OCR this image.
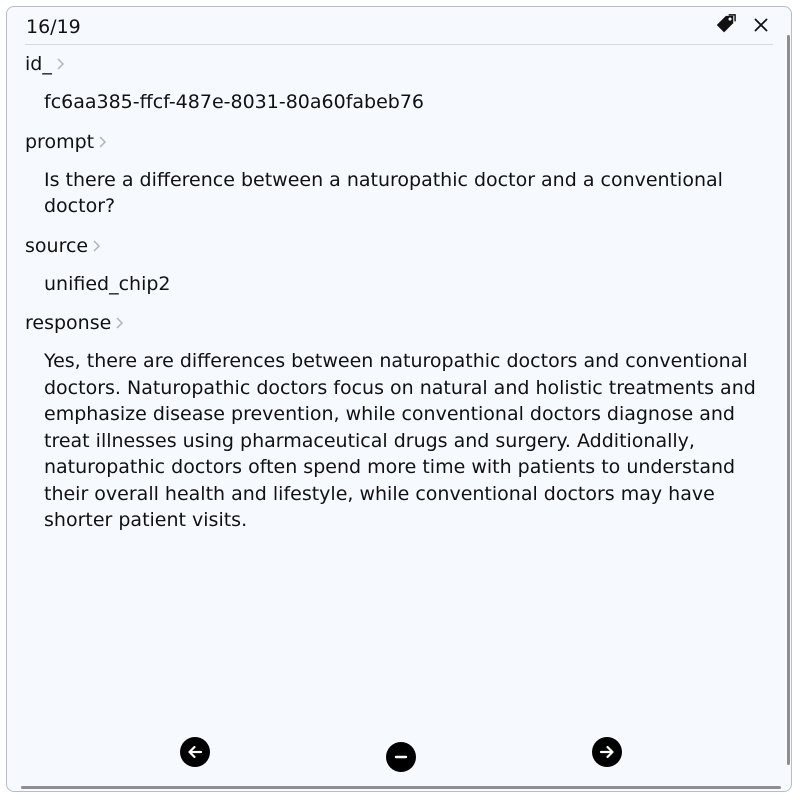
16/19
id_
fc6aa385-ffcf-487e-8031-80a60fabeb76
prompt
Is there a difference between a naturopathic doctor and a conventional doctor?
source
unified_chip2
response
Yes, there are differences between naturopathic doctors and conventional doctors. Naturopathic doctors focus on natural and holistic treatments and emphasize disease prevention, while conventional doctors diagnose and treat illnesses using pharmaceutical drugs and surgery. Additionally, naturopathic doctors often spend more time with patients to understand their overall health and lifestyle, while conventional doctors may have shorter patient visits.
